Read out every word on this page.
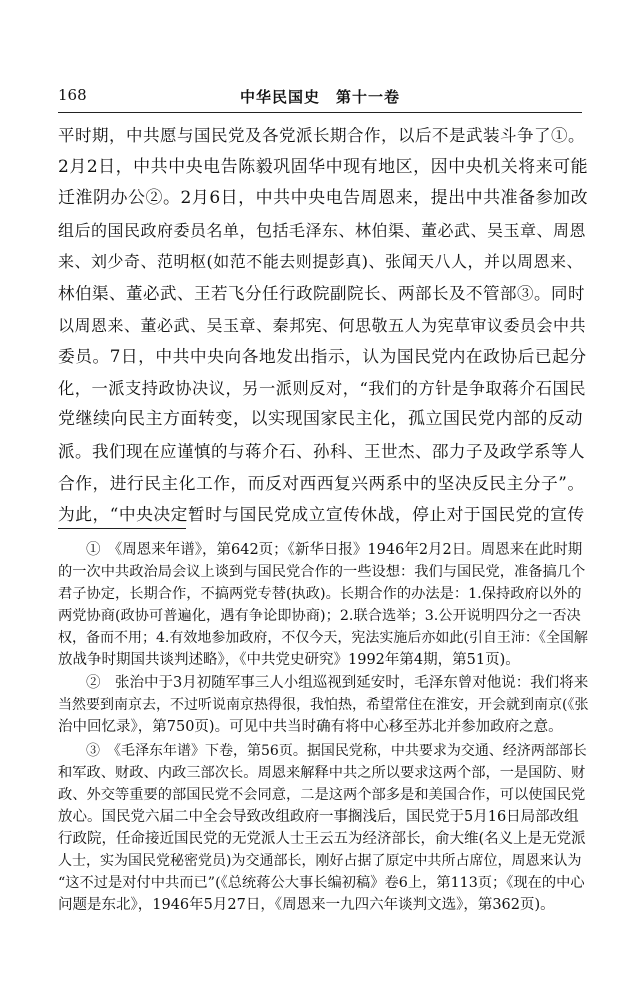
168	中华民国史　第十一卷

平时期，中共愿与国民党及各党派长期合作，以后不是武装斗争了①。

2月2日，中共中央电告陈毅巩固华中现有地区，因中央机关将来可能

迁淮阴办公②。2月6日，中共中央电告周恩来，提出中共准备参加改

组后的国民政府委员名单，包括毛泽东、林伯渠、董必武、吴玉章、周恩

来、刘少奇、范明枢(如范不能去则提彭真)、张闻天八人，并以周恩来、

林伯渠、董必武、王若飞分任行政院副院长、两部长及不管部③。同时

以周恩来、董必武、吴玉章、秦邦宪、何思敬五人为宪草审议委员会中共

委员。7日，中共中央向各地发出指示，认为国民党内在政协后已起分

化，一派支持政协决议，另一派则反对，“我们的方针是争取蒋介石国民

党继续向民主方面转变，以实现国家民主化，孤立国民党内部的反动

派。我们现在应谨慎的与蒋介石、孙科、王世杰、邵力子及政学系等人

合作，进行民主化工作，而反对西西复兴两系中的坚决反民主分子”。

为此，“中央决定暂时与国民党成立宣传休战，停止对于国民党的宣传

①　《周恩来年谱》，第642页；《新华日报》1946年2月2日。周恩来在此时期

的一次中共政治局会议上谈到与国民党合作的一些设想：我们与国民党，准备搞几个

君子协定，长期合作，不搞两党专替(执政)。长期合作的办法是：1.保持政府以外的

两党协商(政协可普遍化，遇有争论即协商)；2.联合选举；3.公开说明四分之一否决

权，备而不用；4.有效地参加政府，不仅今天，宪法实施后亦如此(引自王沛：《全国解

放战争时期国共谈判述略》，《中共党史研究》1992年第4期，第51页)。

②　张治中于3月初随军事三人小组巡视到延安时，毛泽东曾对他说：我们将来

当然要到南京去，不过听说南京热得很，我怕热，希望常住在淮安，开会就到南京(《张

治中回忆录》，第750页)。可见中共当时确有将中心移至苏北并参加政府之意。

③　《毛泽东年谱》下卷，第56页。据国民党称，中共要求为交通、经济两部部长

和军政、财政、内政三部次长。周恩来解释中共之所以要求这两个部，一是国防、财

政、外交等重要的部国民党不会同意，二是这两个部多是和美国合作，可以使国民党

放心。国民党六届二中全会导致改组政府一事搁浅后，国民党于5月16日局部改组

行政院，任命接近国民党的无党派人士王云五为经济部长，俞大维(名义上是无党派

人士，实为国民党秘密党员)为交通部长，刚好占据了原定中共所占席位，周恩来认为

“这不过是对付中共而已”(《总统蒋公大事长编初稿》卷6上，第113页；《现在的中心

问题是东北》，1946年5月27日，《周恩来一九四六年谈判文选》，第362页)。
